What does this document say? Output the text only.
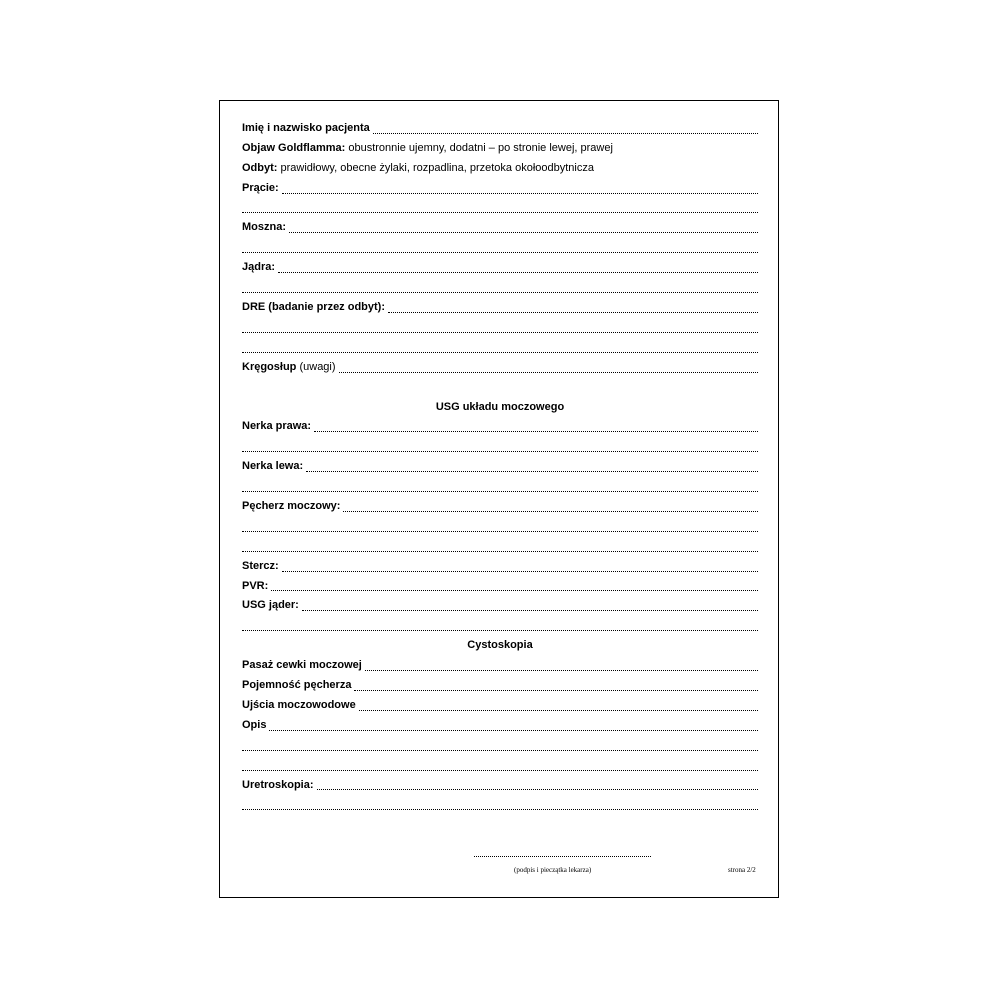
Imię i nazwisko pacjenta
Objaw Goldflamma:
obustronnie ujemny, dodatni – po stronie lewej, prawej
Odbyt:
prawidłowy, obecne żylaki, rozpadlina, przetoka okołoodbytnicza
Prącie:
Moszna:
Jądra:
DRE (badanie przez odbyt):
Kręgosłup
(uwagi)
USG układu moczowego
Nerka prawa:
Nerka lewa:
Pęcherz moczowy:
Stercz:
PVR:
USG jąder:
Cystoskopia
Pasaż cewki moczowej
Pojemność pęcherza
Ujścia moczowodowe
Opis
Uretroskopia:
(podpis i pieczątka lekarza)	strona 2/2
